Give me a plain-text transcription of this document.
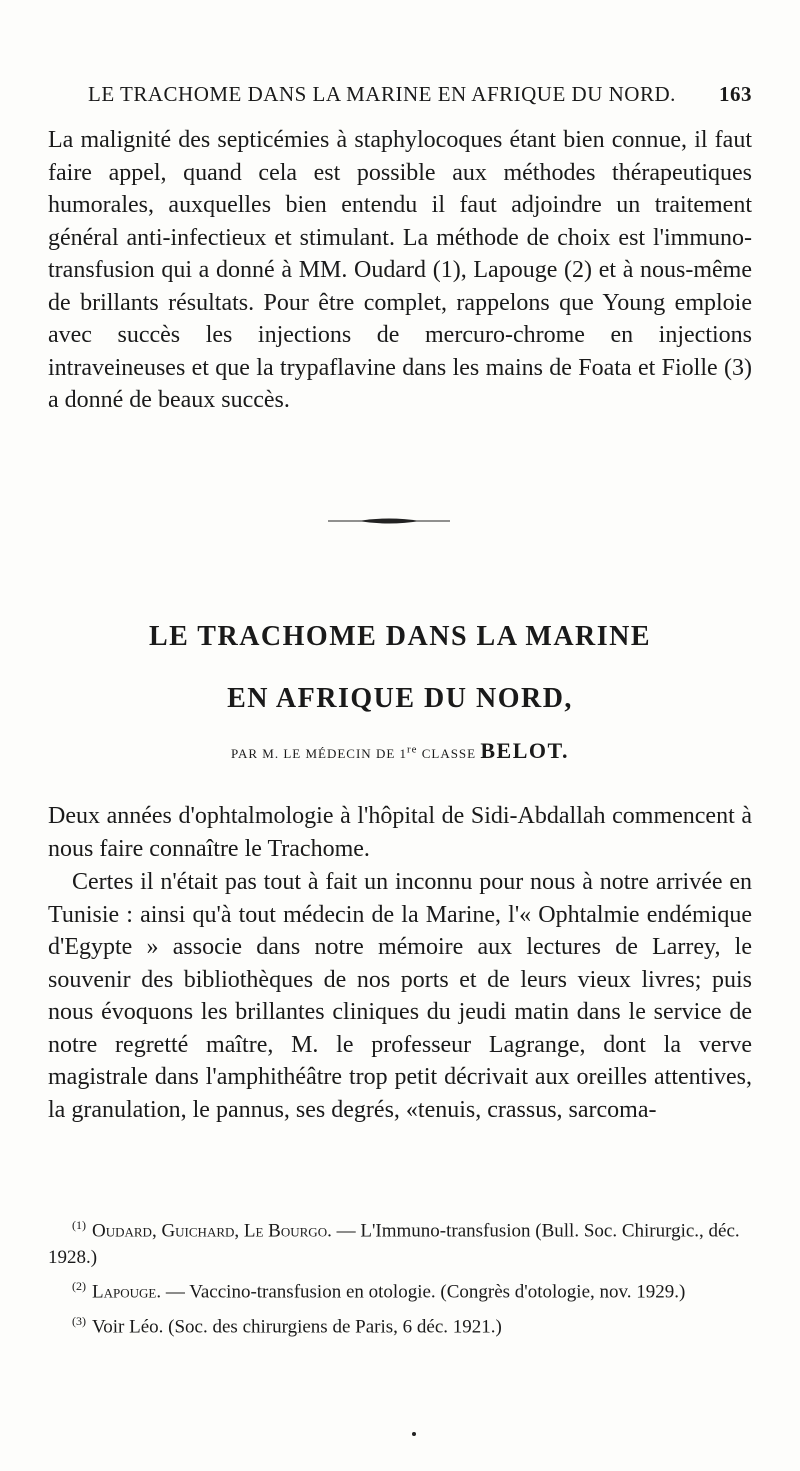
LE TRACHOME DANS LA MARINE EN AFRIQUE DU NORD. 163

La malignité des septicémies à staphylocoques étant bien connue, il faut faire appel, quand cela est possible aux méthodes thérapeutiques humorales, auxquelles bien entendu il faut adjoindre un traitement général anti-infectieux et stimulant. La méthode de choix est l'immuno-transfusion qui a donné à MM. Oudard (1), Lapouge (2) et à nous-même de brillants résultats. Pour être complet, rappelons que Young emploie avec succès les injections de mercuro-chrome en injections intraveineuses et que la trypaflavine dans les mains de Foata et Fiolle (3) a donné de beaux succès.

LE TRACHOME DANS LA MARINE
EN AFRIQUE DU NORD,
PAR M. LE MÉDECIN DE 1re CLASSE BELOT.

Deux années d'ophtalmologie à l'hôpital de Sidi-Abdallah commencent à nous faire connaître le Trachome.

Certes il n'était pas tout à fait un inconnu pour nous à notre arrivée en Tunisie : ainsi qu'à tout médecin de la Marine, l'« Ophtalmie endémique d'Egypte » associe dans notre mémoire aux lectures de Larrey, le souvenir des bibliothèques de nos ports et de leurs vieux livres; puis nous évoquons les brillantes cliniques du jeudi matin dans le service de notre regretté maître, M. le professeur Lagrange, dont la verve magistrale dans l'amphithéâtre trop petit décrivait aux oreilles attentives, la granulation, le pannus, ses degrés, «tenuis, crassus, sarcoma-

$^{(1)}$ Oudard, Guichard, Le Bourgo. — L'Immuno-transfusion (Bull. Soc. Chirurgic., déc. 1928.)

$^{(2)}$ Lapouge. — Vaccino-transfusion en otologie. (Congrès d'otologie, nov. 1929.)

$^{(3)}$ Voir Léo. (Soc. des chirurgiens de Paris, 6 déc. 1921.)
